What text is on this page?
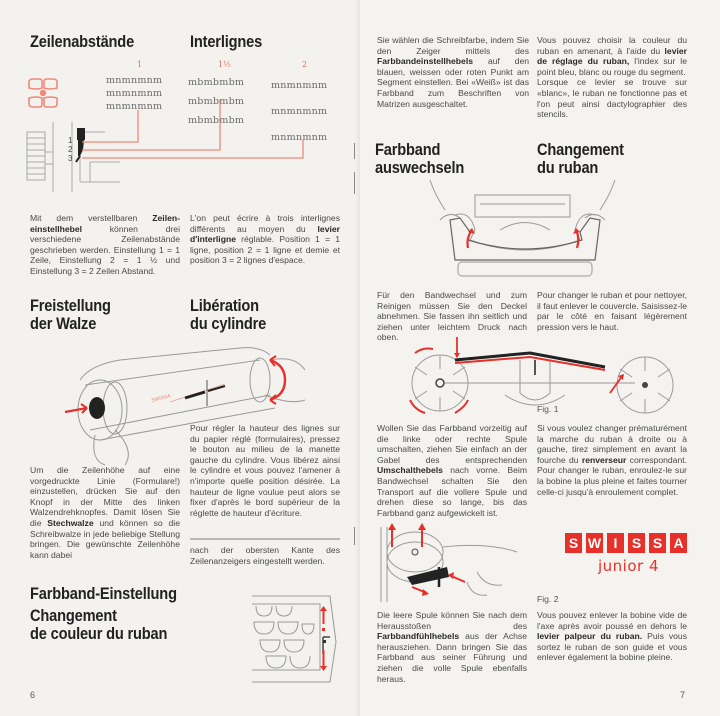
Zeilenabstände	Interlignes
1	1½	2
mnmnmnm
mnmnmnm
mnmnmnm
mbmbmbm
mbmbmbm
mbmbmbm
mnmnmnm
mnmnmnm
mnmnmnm
1
2
3
Mit dem verstellbaren Zeileneinstellhebel können drei verschiedene Zeilenabstände geschrieben werden. Einstellung 1 = 1 Zeile, Einstellung 2 = 1 ½ und Einstellung 3 = 2 Zeilen Abstand.
L'on peut écrire à trois interlignes différents au moyen du levier d'interligne réglable. Position 1 = 1 ligne, position 2 = 1 ligne et demie et position 3 = 2 lignes d'espace.
Freistellung
der Walze
Libération
du cylindre
SWISSA
Pour régler la hauteur des lignes sur du papier réglé (formulaires), pressez le bouton au milieu de la manette gauche du cylindre. Vous libérez ainsi le cylindre et vous pouvez l'amener à n'importe quelle position désirée. La hauteur de ligne voulue peut alors se fixer d'après le bord supérieur de la réglette de hauteur d'écriture.
Um die Zeilenhöhe auf eine vorgedruckte Linie (Formulare!) einzustellen, drücken Sie auf den Knopf in der Mitte des linken Walzendrehknopfes. Damit lösen Sie die Stechwalze und können so die Schreibwalze in jede beliebige Stellung bringen. Die gewünschte Zeilenhöhe kann dabei	nach der obersten Kante des Zeilenanzeigers eingestellt werden.
Farbband-Einstellung
Changement
de couleur du ruban
6
Sie wählen die Schreibfarbe, indem Sie den Zeiger mittels des Farbbandeinstellhebels auf den blauen, weissen oder roten Punkt am Segment einstellen. Bei «Weiß» ist das Farbband zum Beschriften von Matrizen ausgeschaltet.
Vous pouvez choisir la couleur du ruban en amenant, à l'aide du levier de réglage du ruban, l'index sur le point bleu, blanc ou rouge du segment.
Lorsque ce levier se trouve sur «blanc», le ruban ne fonctionne pas et l'on peut ainsi dactylographier des stencils.
Farbband
auswechseln
Changement
du ruban
Für den Bandwechsel und zum Reinigen müssen Sie den Deckel abnehmen. Sie fassen ihn seitlich und ziehen unter leichtem Druck nach oben.
Pour changer le ruban et pour nettoyer, il faut enlever le couvercle. Saisissez-le par le côté en faisant légèrement pression vers le haut.
Fig. 1
Wollen Sie das Farbband vorzeitig auf die linke oder rechte Spule umschalten, ziehen Sie einfach an der Gabel des entsprechenden Umschalthebels nach vorne. Beim Bandwechsel schalten Sie den Transport auf die vollere Spule und drehen diese so lange, bis das Farbband ganz aufgewickelt ist.
Si vous voulez changer prématurément la marche du ruban à droite ou à gauche, tirez simplement en avant la fourche du renverseur correspondant. Pour changer le ruban, enroulez-le sur la bobine la plus pleine et faites tourner celle-ci jusqu'à enroulement complet.
S W I	S S A
junior 4
Fig. 2
Die leere Spule können Sie nach dem Herausstoßen des Farbbandfühlhebels aus der Achse herausziehen. Dann bringen Sie das Farbband aus seiner Führung und ziehen die volle Spule ebenfalls heraus.
Vous pouvez enlever la bobine vide de l'axe après avoir poussé en dehors le levier palpeur du ruban. Puis vous sortez le ruban de son guide et vous enlever également la bobine pleine.
7
